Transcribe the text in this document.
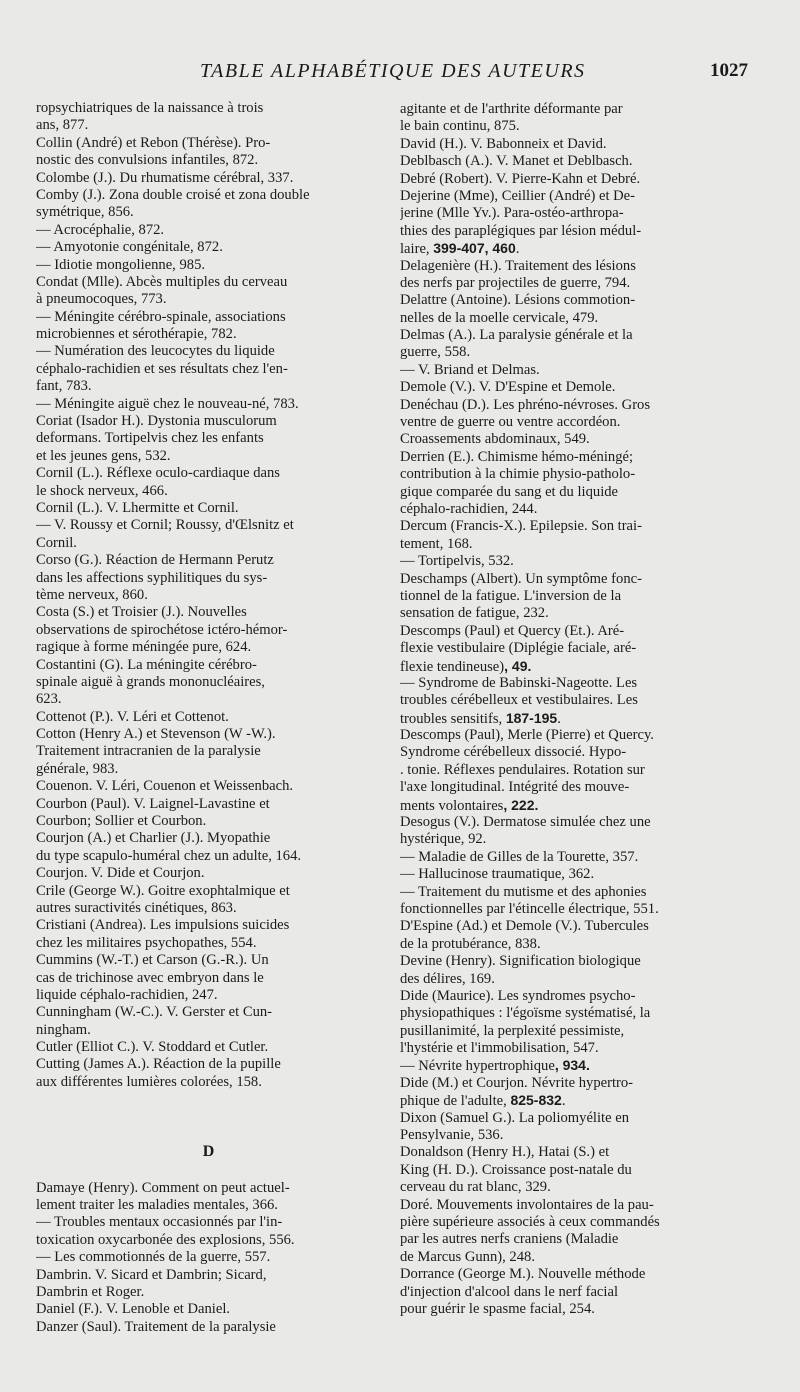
TABLE ALPHABÉTIQUE DES AUTEURS	1027
ropsychiatriques de la naissance à trois
ans, 877.
Collin (André) et Rebon (Thérèse). Pro-
nostic des convulsions infantiles, 872.
Colombe (J.). Du rhumatisme cérébral, 337.
Comby (J.). Zona double croisé et zona double
symétrique, 856.
— Acrocéphalie, 872.
— Amyotonie congénitale, 872.
— Idiotie mongolienne, 985.
Condat (Mlle). Abcès multiples du cerveau
à pneumocoques, 773.
— Méningite cérébro-spinale, associations
microbiennes et sérothérapie, 782.
— Numération des leucocytes du liquide
céphalo-rachidien et ses résultats chez l'en-
fant, 783.
— Méningite aiguë chez le nouveau-né, 783.
Coriat (Isador H.). Dystonia musculorum
deformans. Tortipelvis chez les enfants
et les jeunes gens, 532.
Cornil (L.). Réflexe oculo-cardiaque dans
le shock nerveux, 466.
Cornil (L.). V. Lhermitte et Cornil.
— V. Roussy et Cornil; Roussy, d'Œlsnitz et
Cornil.
Corso (G.). Réaction de Hermann Perutz
dans les affections syphilitiques du sys-
tème nerveux, 860.
Costa (S.) et Troisier (J.). Nouvelles
observations de spirochétose ictéro-hémor-
ragique à forme méningée pure, 624.
Costantini (G). La méningite cérébro-
spinale aiguë à grands mononucléaires,
623.
Cottenot (P.). V. Léri et Cottenot.
Cotton (Henry A.) et Stevenson (W -W.).
Traitement intracranien de la paralysie
générale, 983.
Couenon. V. Léri, Couenon et Weissenbach.
Courbon (Paul). V. Laignel-Lavastine et
Courbon; Sollier et Courbon.
Courjon (A.) et Charlier (J.). Myopathie
du type scapulo-huméral chez un adulte, 164.
Courjon. V. Dide et Courjon.
Crile (George W.). Goitre exophtalmique et
autres suractivités cinétiques, 863.
Cristiani (Andrea). Les impulsions suicides
chez les militaires psychopathes, 554.
Cummins (W.-T.) et Carson (G.-R.). Un
cas de trichinose avec embryon dans le
liquide céphalo-rachidien, 247.
Cunningham (W.-C.). V. Gerster et Cun-
ningham.
Cutler (Elliot C.). V. Stoddard et Cutler.
Cutting (James A.). Réaction de la pupille
aux différentes lumières colorées, 158.
D
Damaye (Henry). Comment on peut actuel-
lement traiter les maladies mentales, 366.
— Troubles mentaux occasionnés par l'in-
toxication oxycarbonée des explosions, 556.
— Les commotionnés de la guerre, 557.
Dambrin. V. Sicard et Dambrin; Sicard,
Dambrin et Roger.
Daniel (F.). V. Lenoble et Daniel.
Danzer (Saul). Traitement de la paralysie
agitante et de l'arthrite déformante par
le bain continu, 875.
David (H.). V. Babonneix et David.
Deblbasch (A.). V. Manet et Deblbasch.
Debré (Robert). V. Pierre-Kahn et Debré.
Dejerine (Mme), Ceillier (André) et De-
jerine (Mlle Yv.). Para-ostéo-arthropa-
thies des paraplégiques par lésion médul-
laire, 399-407, 460.
Delagenière (H.). Traitement des lésions
des nerfs par projectiles de guerre, 794.
Delattre (Antoine). Lésions commotion-
nelles de la moelle cervicale, 479.
Delmas (A.). La paralysie générale et la
guerre, 558.
— V. Briand et Delmas.
Demole (V.). V. D'Espine et Demole.
Denéchau (D.). Les phréno-névroses. Gros
ventre de guerre ou ventre accordéon.
Croassements abdominaux, 549.
Derrien (E.). Chimisme hémo-méningé;
contribution à la chimie physio-patholo-
gique comparée du sang et du liquide
céphalo-rachidien, 244.
Dercum (Francis-X.). Epilepsie. Son trai-
tement, 168.
— Tortipelvis, 532.
Deschamps (Albert). Un symptôme fonc-
tionnel de la fatigue. L'inversion de la
sensation de fatigue, 232.
Descomps (Paul) et Quercy (Et.). Aré-
flexie vestibulaire (Diplégie faciale, aré-
flexie tendineuse), 49.
— Syndrome de Babinski-Nageotte. Les
troubles cérébelleux et vestibulaires. Les
troubles sensitifs, 187-195.
Descomps (Paul), Merle (Pierre) et Quercy.
Syndrome cérébelleux dissocié. Hypo-
. tonie. Réflexes pendulaires. Rotation sur
l'axe longitudinal. Intégrité des mouve-
ments volontaires, 222.
Desogus (V.). Dermatose simulée chez une
hystérique, 92.
— Maladie de Gilles de la Tourette, 357.
— Hallucinose traumatique, 362.
— Traitement du mutisme et des aphonies
fonctionnelles par l'étincelle électrique, 551.
D'Espine (Ad.) et Demole (V.). Tubercules
de la protubérance, 838.
Devine (Henry). Signification biologique
des délires, 169.
Dide (Maurice). Les syndromes psycho-
physiopathiques : l'égoïsme systématisé, la
pusillanimité, la perplexité pessimiste,
l'hystérie et l'immobilisation, 547.
— Névrite hypertrophique, 934.
Dide (M.) et Courjon. Névrite hypertro-
phique de l'adulte, 825-832.
Dixon (Samuel G.). La poliomyélite en
Pensylvanie, 536.
Donaldson (Henry H.), Hatai (S.) et
King (H. D.). Croissance post-natale du
cerveau du rat blanc, 329.
Doré. Mouvements involontaires de la pau-
pière supérieure associés à ceux commandés
par les autres nerfs craniens (Maladie
de Marcus Gunn), 248.
Dorrance (George M.). Nouvelle méthode
d'injection d'alcool dans le nerf facial
pour guérir le spasme facial, 254.
